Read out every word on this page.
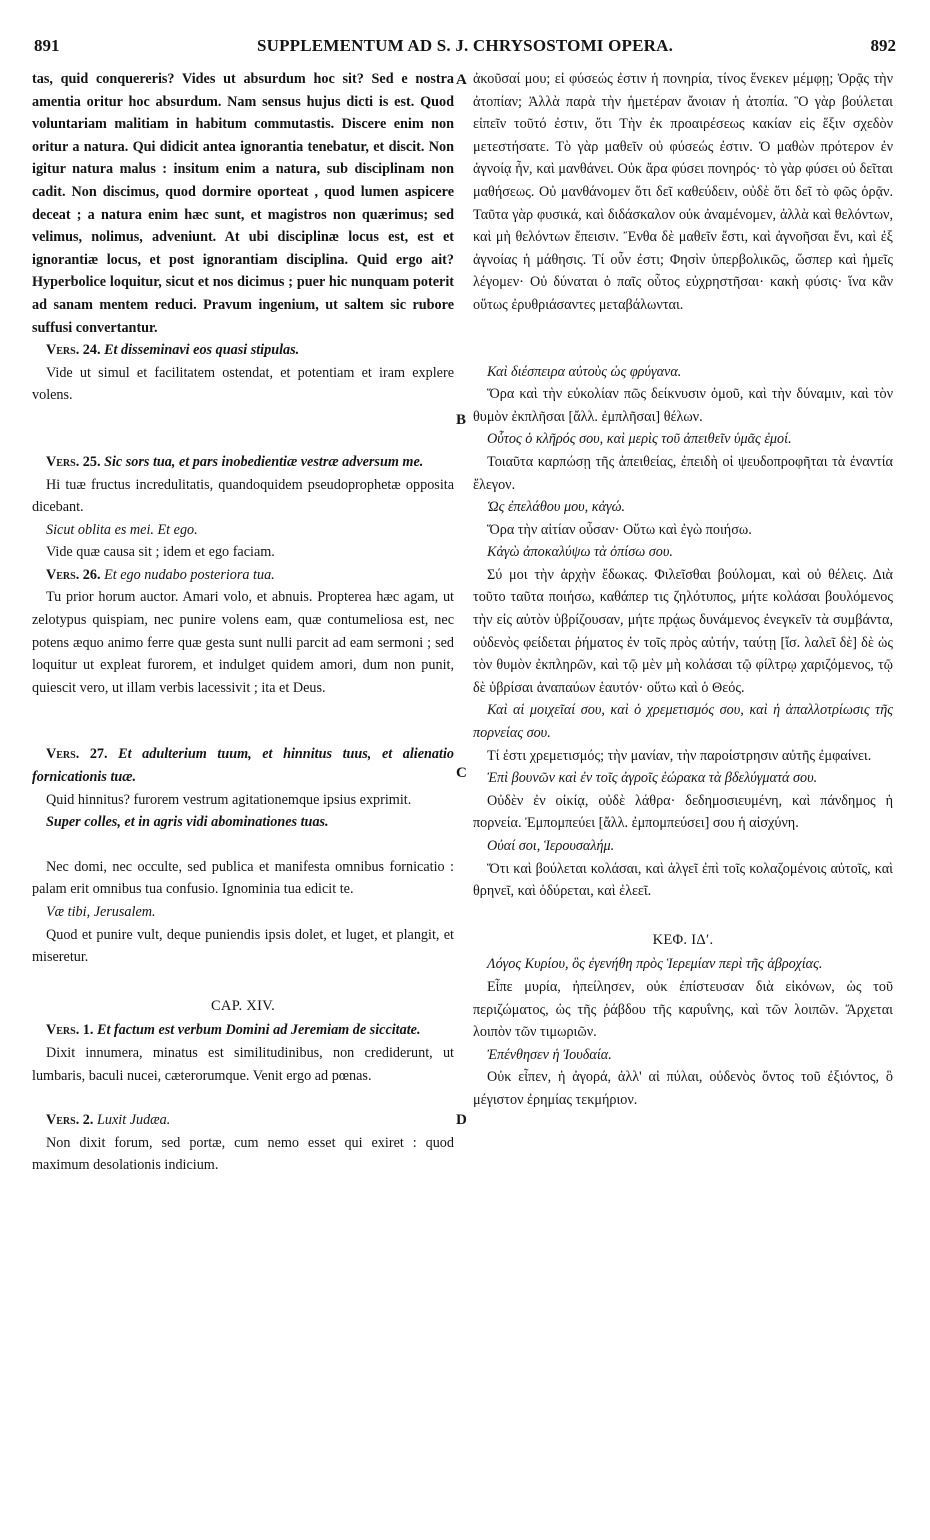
891	SUPPLEMENTUM AD S. J. CHRYSOSTOMI OPERA.	892
A
B
C
D

tas, quid conquereris? Vides ut absurdum hoc sit? Sed e nostra amentia oritur hoc absurdum. Nam sensus hujus dicti is est. Quod voluntariam malitiam in habitum commutastis. Discere enim non oritur a natura. Qui didicit antea ignorantia tenebatur, et discit. Non igitur natura malus : insitum enim a natura, sub disciplinam non cadit. Non discimus, quod dormire oporteat , quod lumen aspicere deceat ; a natura enim hæc sunt, et magistros non quærimus; sed velimus, nolimus, adveniunt. At ubi disciplinæ locus est, est et ignorantiæ locus, et post ignorantiam disciplina. Quid ergo ait? Hyperbolice loquitur, sicut et nos dicimus ; puer hic nunquam poterit ad sanam mentem reduci. Pravum ingenium, ut saltem sic rubore suffusi convertantur.

Vers. 24. Et disseminavi eos quasi stipulas.

Vide ut simul et facilitatem ostendat, et potentiam et iram explere volens.

Vers. 25. Sic sors tua, et pars inobedientiæ vestræ adversum me.

Hi tuæ fructus incredulitatis, quandoquidem pseudoprophetæ opposita dicebant.

Sicut oblita es mei. Et ego.

Vide quæ causa sit ; idem et ego faciam.

Vers. 26. Et ego nudabo posteriora tua.

Tu prior horum auctor. Amari volo, et abnuis. Propterea hæc agam, ut zelotypus quispiam, nec punire volens eam, quæ contumeliosa est, nec potens æquo animo ferre quæ gesta sunt nulli parcit ad eam sermoni ; sed loquitur ut expleat furorem, et indulget quidem amori, dum non punit, quiescit vero, ut illam verbis lacessivit ; ita et Deus.

Vers. 27. Et adulterium tuum, et hinnitus tuus, et alienatio fornicationis tuæ.

Quid hinnitus? furorem vestrum agitationemque ipsius exprimit.

Super colles, et in agris vidi abominationes tuas.

Nec domi, nec occulte, sed publica et manifesta omnibus fornicatio : palam erit omnibus tua confusio. Ignominia tua edicit te.

Væ tibi, Jerusalem.

Quod et punire vult, deque puniendis ipsis dolet, et luget, et plangit, et miseretur.

CAP. XIV.

Vers. 1. Et factum est verbum Domini ad Jeremiam de siccitate.

Dixit innumera, minatus est similitudinibus, non crediderunt, ut lumbaris, baculi nucei, cæterorumque. Venit ergo ad pœnas.

Vers. 2. Luxit Judæa.

Non dixit forum, sed portæ, cum nemo esset qui exiret : quod maximum desolationis indicium.

ἀκοῦσαί μου; εἰ φύσεώς ἐστιν ἡ πονηρία, τίνος ἕνεκεν μέμφῃ; Ὁρᾷς τὴν ἀτοπίαν; Ἀλλὰ παρὰ τὴν ἡμετέραν ἄνοιαν ἡ ἀτοπία. Ὃ γὰρ βούλεται εἰπεῖν τοῦτό ἐστιν, ὅτι Τὴν ἐκ προαιρέσεως κακίαν εἰς ἕξιν σχεδὸν μετεστήσατε. Τὸ γὰρ μαθεῖν οὐ φύσεώς ἐστιν. Ὁ μαθὼν πρότερον ἐν ἀγνοίᾳ ἦν, καὶ μανθάνει. Οὐκ ἄρα φύσει πονηρός· τὸ γὰρ φύσει οὐ δεῖται μαθήσεως. Οὐ μανθάνομεν ὅτι δεῖ καθεύδειν, οὐδὲ ὅτι δεῖ τὸ φῶς ὁρᾷν. Ταῦτα γὰρ φυσικά, καὶ διδάσκαλον οὐκ ἀναμένομεν, ἀλλὰ καὶ θελόντων, καὶ μὴ θελόντων ἔπεισιν. Ἔνθα δὲ μαθεῖν ἔστι, καὶ ἀγνοῆσαι ἔνι, καὶ ἐξ ἀγνοίας ἡ μάθησις. Τί οὖν ἐστι; Φησὶν ὑπερβολικῶς, ὥσπερ καὶ ἡμεῖς λέγομεν· Οὐ δύναται ὁ παῖς οὗτος εὐχρηστῆσαι· κακὴ φύσις· ἵνα κἂν οὕτως ἐρυθριάσαντες μεταβάλωνται.

Καὶ διέσπειρα αὐτοὺς ὡς φρύγανα.

Ὅρα καὶ τὴν εὐκολίαν πῶς δείκνυσιν ὁμοῦ, καὶ τὴν δύναμιν, καὶ τὸν θυμὸν ἐκπλῆσαι [ἄλλ. ἐμπλῆσαι] θέλων.

Οὗτος ὁ κλῆρός σου, καὶ μερὶς τοῦ ἀπειθεῖν ὑμᾶς ἐμοί.

Τοιαῦτα καρπώσῃ τῆς ἀπειθείας, ἐπειδὴ οἱ ψευδοπροφῆται τὰ ἐναντία ἔλεγον.

Ὡς ἐπελάθου μου, κἀγώ.

Ὅρα τὴν αἰτίαν οὖσαν· Οὕτω καὶ ἐγὼ ποιήσω.

Κἀγὼ ἀποκαλύψω τὰ ὀπίσω σου.

Σύ μοι τὴν ἀρχὴν ἔδωκας. Φιλεῖσθαι βούλομαι, καὶ οὐ θέλεις. Διὰ τοῦτο ταῦτα ποιήσω, καθάπερ τις ζηλότυπος, μήτε κολάσαι βουλόμενος τὴν εἰς αὐτὸν ὑβρίζουσαν, μήτε πρᾴως δυνάμενος ἐνεγκεῖν τὰ συμβάντα, οὐδενὸς φείδεται ῥήματος ἐν τοῖς πρὸς αὐτήν, ταύτῃ [ἴσ. λαλεῖ δὲ] δὲ ὡς τὸν θυμὸν ἐκπληρῶν, καὶ τῷ μὲν μὴ κολάσαι τῷ φίλτρῳ χαριζόμενος, τῷ δὲ ὑβρίσαι ἀναπαύων ἑαυτόν· οὕτω καὶ ὁ Θεός.

Καὶ αἱ μοιχεῖαί σου, καὶ ὁ χρεμετισμός σου, καὶ ἡ ἀπαλλοτρίωσις τῆς πορνείας σου.

Τί ἐστι χρεμετισμός; τὴν μανίαν, τὴν παροίστρησιν αὐτῆς ἐμφαίνει.

Ἐπὶ βουνῶν καὶ ἐν τοῖς ἀγροῖς ἑώρακα τὰ βδελύγματά σου.

Οὐδὲν ἐν οἰκίᾳ, οὐδὲ λάθρα· δεδημοσιευμένη, καὶ πάνδημος ἡ πορνεία. Ἐμπομπεύει [ἄλλ. ἐμπομπεύσει] σου ἡ αἰσχύνη.

Οὐαί σοι, Ἱερουσαλήμ.

Ὅτι καὶ βούλεται κολάσαι, καὶ ἀλγεῖ ἐπὶ τοῖς κολαζομένοις αὐτοῖς, καὶ θρηνεῖ, καὶ ὀδύρεται, καὶ ἐλεεῖ.

ΚΕΦ. ΙΔʹ.

Λόγος Κυρίου, ὃς ἐγενήθη πρὸς Ἱερεμίαν περὶ τῆς ἀβροχίας.

Εἶπε μυρία, ἠπείλησεν, οὐκ ἐπίστευσαν διὰ εἰκόνων, ὡς τοῦ περιζώματος, ὡς τῆς ῥάβδου τῆς καρυΐνης, καὶ τῶν λοιπῶν. Ἄρχεται λοιπὸν τῶν τιμωριῶν.

Ἐπένθησεν ἡ Ἰουδαία.

Οὐκ εἶπεν, ἡ ἀγορά, ἀλλ' αἱ πύλαι, οὐδενὸς ὄντος τοῦ ἐξιόντος, ὃ μέγιστον ἐρημίας τεκμήριον.
